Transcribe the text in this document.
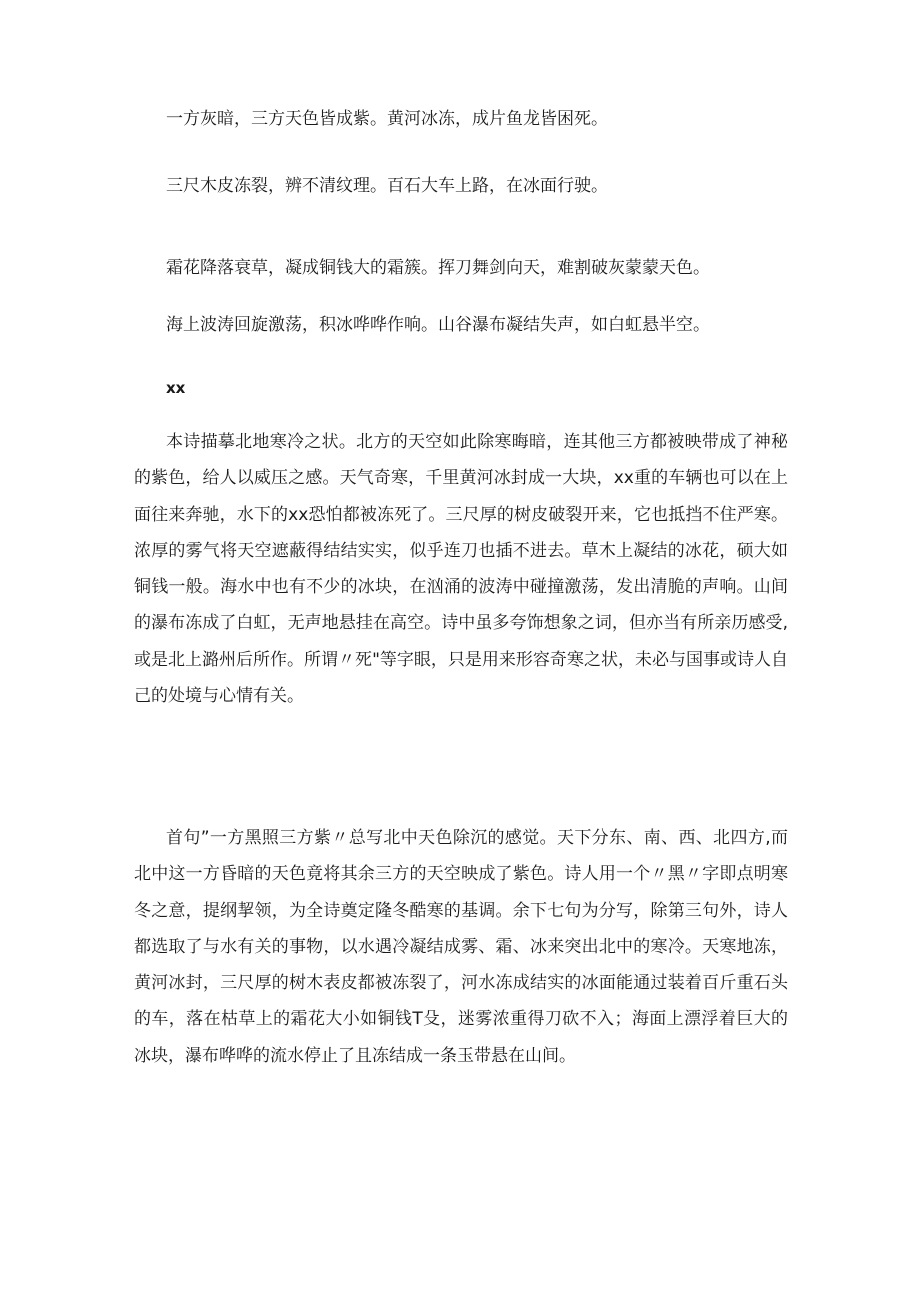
一方灰暗，三方天色皆成紫。黄河冰冻，成片鱼龙皆困死。
三尺木皮冻裂，辨不清纹理。百石大车上路，在冰面行驶。
霜花降落衰草，凝成铜钱大的霜簇。挥刀舞剑向天，难割破灰蒙蒙天色。
海上波涛回旋激荡，积冰哗哗作响。山谷瀑布凝结失声，如白虹悬半空。
xx

本诗描摹北地寒冷之状。北方的天空如此除寒晦暗，连其他三方都被映带成了神秘的紫色，给人以威压之感。天气奇寒，千里黄河冰封成一大块，xx重的车辆也可以在上面往来奔驰，水下的xx恐怕都被冻死了。三尺厚的树皮破裂开来，它也抵挡不住严寒。浓厚的雾气将天空遮蔽得结结实实，似乎连刀也插不进去。草木上凝结的冰花，硕大如铜钱一般。海水中也有不少的冰块，在汹涌的波涛中碰撞激荡，发出清脆的声响。山间的瀑布冻成了白虹，无声地悬挂在高空。诗中虽多夸饰想象之词，但亦当有所亲历感受,或是北上潞州后所作。所谓〃死"等字眼，只是用来形容奇寒之状，未必与国事或诗人自己的处境与心情有关。

首句”一方黑照三方紫〃总写北中天色除沉的感觉。天下分东、南、西、北四方,而北中这一方昏暗的天色竟将其余三方的天空映成了紫色。诗人用一个〃黑〃字即点明寒冬之意，提纲挈领，为全诗奠定隆冬酷寒的基调。余下七句为分写，除第三句外，诗人都选取了与水有关的事物，以水遇冷凝结成雾、霜、冰来突出北中的寒冷。天寒地冻，黄河冰封，三尺厚的树木表皮都被冻裂了，河水冻成结实的冰面能通过装着百斤重石头的车，落在枯草上的霜花大小如铜钱T殳，迷雾浓重得刀砍不入；海面上漂浮着巨大的冰块，瀑布哗哗的流水停止了且冻结成一条玉带悬在山间。
